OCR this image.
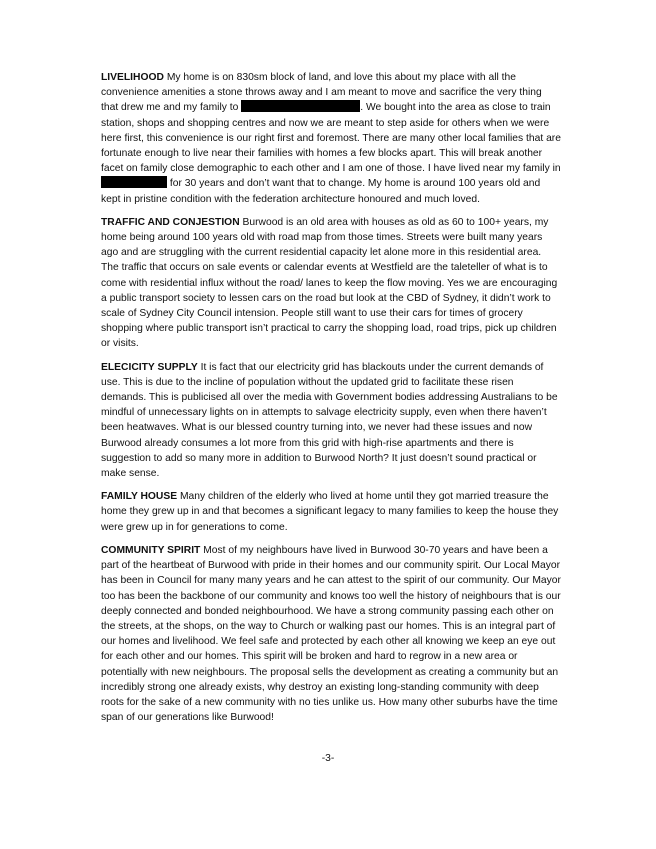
LIVELIHOOD My home is on 830sm block of land, and love this about my place with all the convenience amenities a stone throws away and I am meant to move and sacrifice the very thing that drew me and my family to	. We bought into the area as close to train station, shops and shopping centres and now we are meant to step aside for others when we were here first, this convenience is our right first and foremost. There are many other local families that are fortunate enough to live near their families with homes a few blocks apart. This will break another facet on family close demographic to each other and I am one of those. I have lived near my family in  for 30 years and don’t want that to change. My home is around 100 years old and kept in pristine condition with the federation architecture honoured and much loved.

TRAFFIC AND CONJESTION Burwood is an old area with houses as old as 60 to 100+ years, my home being around 100 years old with road map from those times. Streets were built many years ago and are struggling with the current residential capacity let alone more in this residential area. The traffic that occurs on sale events or calendar events at Westfield are the taleteller of what is to come with residential influx without the road/ lanes to keep the flow moving. Yes we are encouraging a public transport society to lessen cars on the road but look at the CBD of Sydney, it didn’t work to scale of Sydney City Council intension. People still want to use their cars for times of grocery shopping where public transport isn’t practical to carry the shopping load, road trips, pick up children or visits.

ELECICITY SUPPLY It is fact that our electricity grid has blackouts under the current demands of use. This is due to the incline of population without the updated grid to facilitate these risen demands. This is publicised all over the media with Government bodies addressing Australians to be mindful of unnecessary lights on in attempts to salvage electricity supply, even when there haven’t been heatwaves. What is our blessed country turning into, we never had these issues and now Burwood already consumes a lot more from this grid with high-rise apartments and there is suggestion to add so many more in addition to Burwood North? It just doesn’t sound practical or make sense.

FAMILY HOUSE Many children of the elderly who lived at home until they got married treasure the home they grew up in and that becomes a significant legacy to many families to keep the house they were grew up in for generations to come.

COMMUNITY SPIRIT Most of my neighbours have lived in Burwood 30-70 years and have been a part of the heartbeat of Burwood with pride in their homes and our community spirit. Our Local Mayor has been in Council for many many years and he can attest to the spirit of our community. Our Mayor too has been the backbone of our community and knows too well the history of neighbours that is our deeply connected and bonded neighbourhood. We have a strong community passing each other on the streets, at the shops, on the way to Church or walking past our homes. This is an integral part of our homes and livelihood. We feel safe and protected by each other all knowing we keep an eye out for each other and our homes. This spirit will be broken and hard to regrow in a new area or potentially with new neighbours. The proposal sells the development as creating a community but an incredibly strong one already exists, why destroy an existing long-standing community with deep roots for the sake of a new community with no ties unlike us. How many other suburbs have the time span of our generations like Burwood!

-3-
